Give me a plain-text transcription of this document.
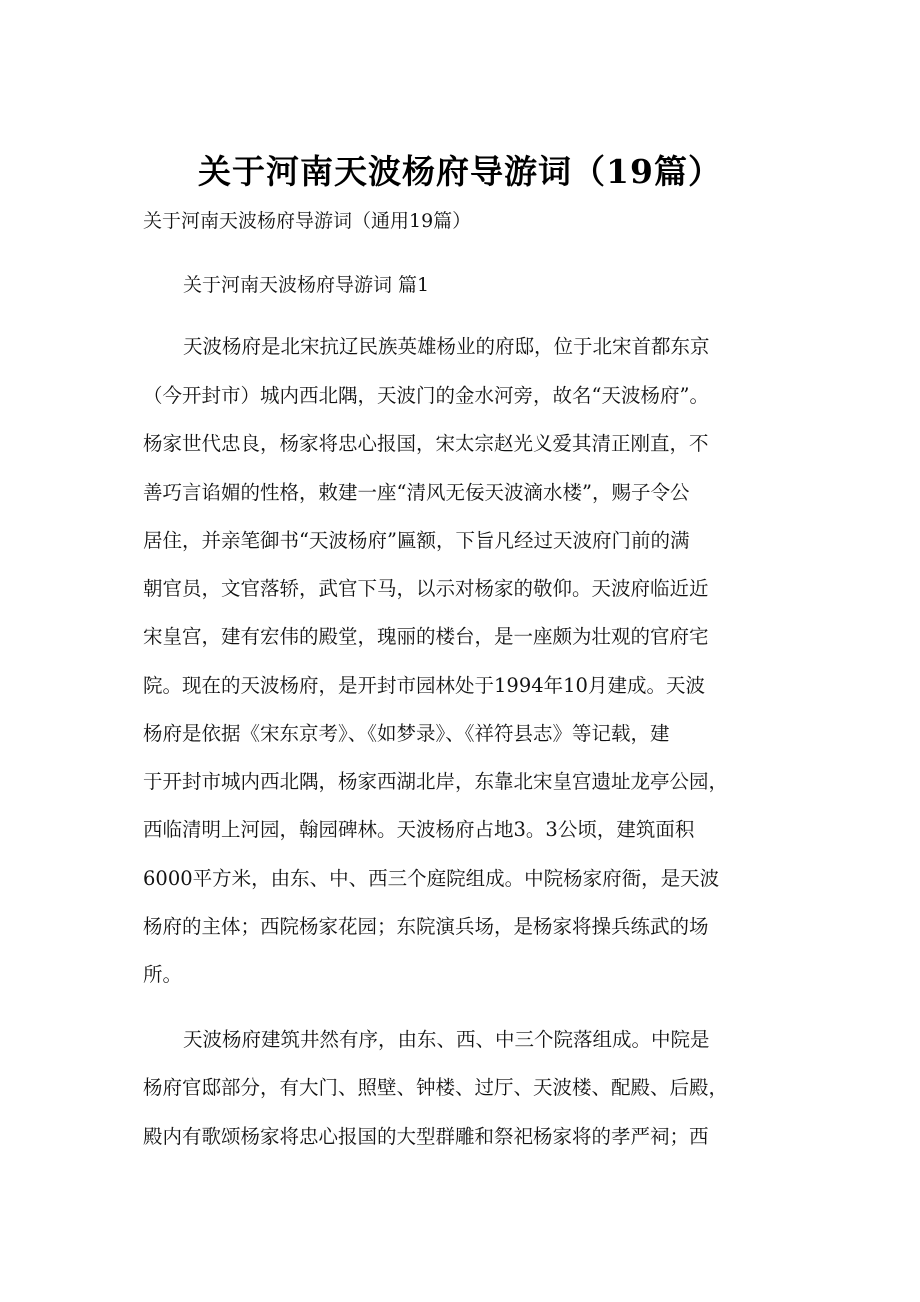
关于河南天波杨府导游词（19篇）
关于河南天波杨府导游词（通用19篇）
关于河南天波杨府导游词 篇1
天波杨府是北宋抗辽民族英雄杨业的府邸，位于北宋首都东京
（今开封市）城内西北隅，天波门的金水河旁，故名“天波杨府”。
杨家世代忠良，杨家将忠心报国，宋太宗赵光义爱其清正刚直，不
善巧言谄媚的性格，敕建一座“清风无佞天波滴水楼”，赐子令公
居住，并亲笔御书“天波杨府”匾额，下旨凡经过天波府门前的满
朝官员，文官落轿，武官下马，以示对杨家的敬仰。天波府临近近
宋皇宫，建有宏伟的殿堂，瑰丽的楼台，是一座颇为壮观的官府宅
院。现在的天波杨府，是开封市园林处于1994年10月建成。天波
杨府是依据《宋东京考》、《如梦录》、《祥符县志》等记载，建
于开封市城内西北隅，杨家西湖北岸，东靠北宋皇宫遗址龙亭公园，
西临清明上河园，翰园碑林。天波杨府占地3。3公顷，建筑面积
6000平方米，由东、中、西三个庭院组成。中院杨家府衙，是天波
杨府的主体；西院杨家花园；东院演兵场，是杨家将操兵练武的场
所。
天波杨府建筑井然有序，由东、西、中三个院落组成。中院是
杨府官邸部分，有大门、照壁、钟楼、过厅、天波楼、配殿、后殿，
殿内有歌颂杨家将忠心报国的大型群雕和祭祀杨家将的孝严祠；西
